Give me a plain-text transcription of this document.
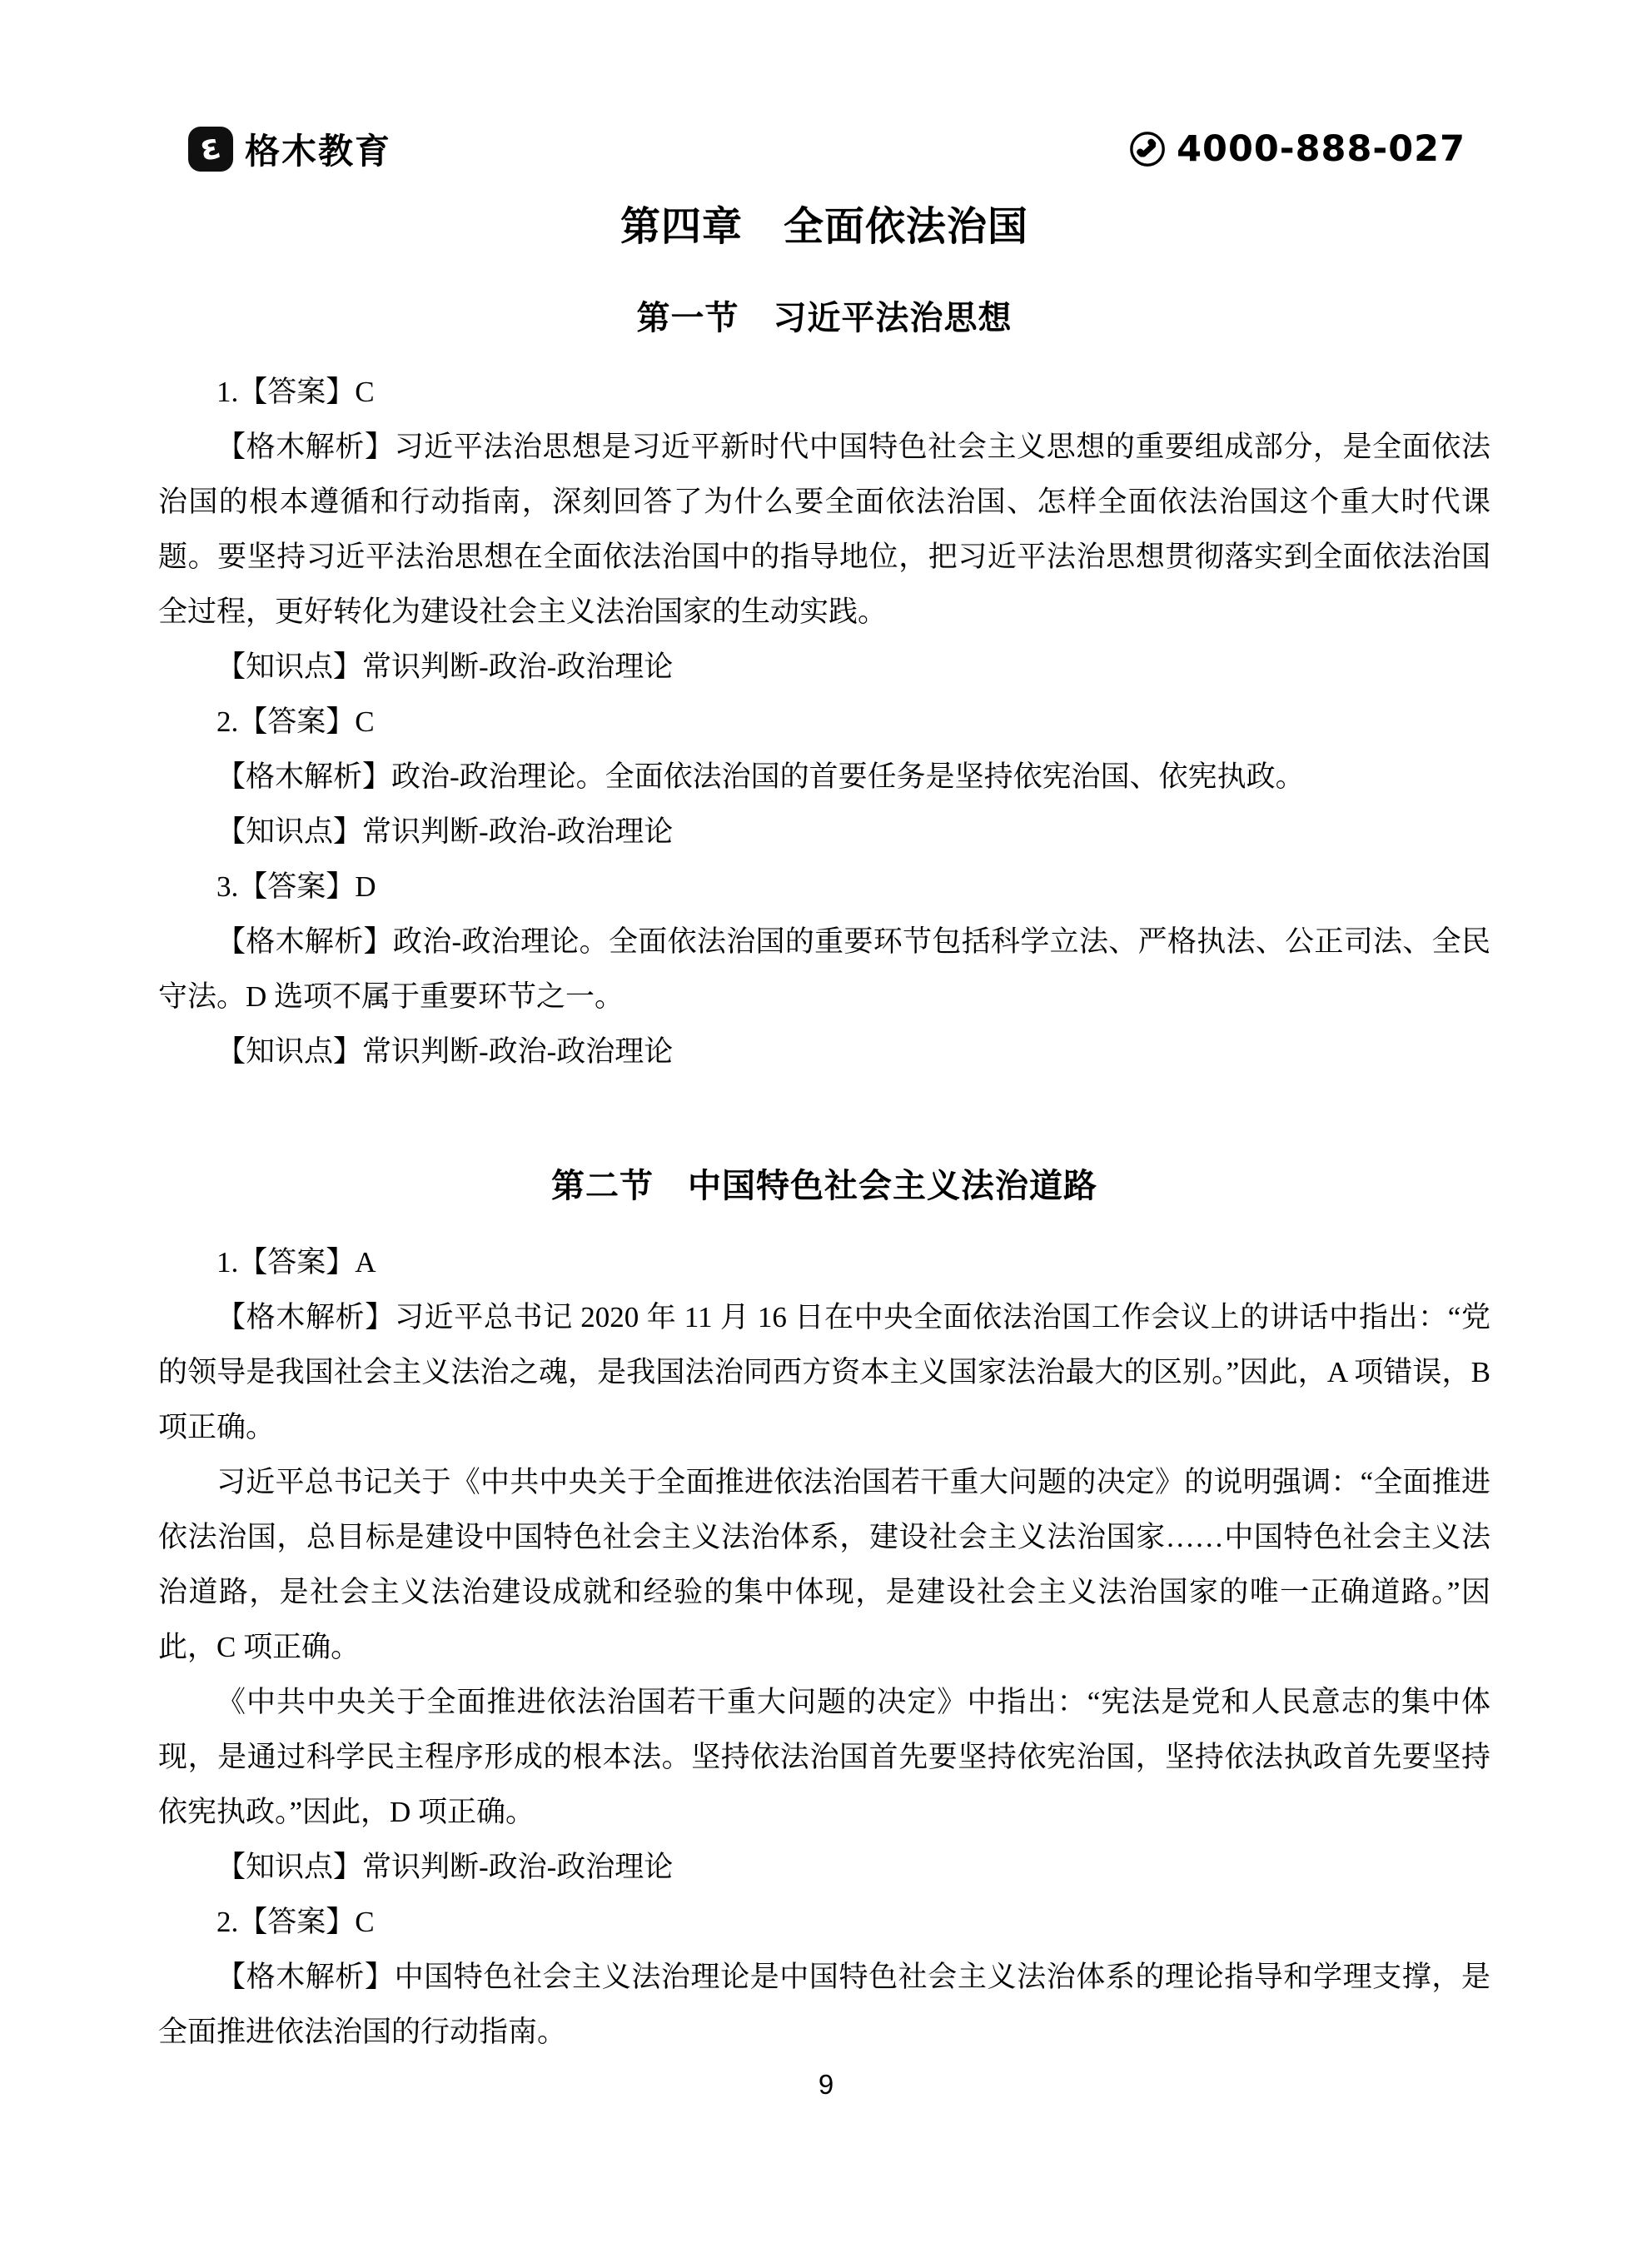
ɛ 格木教育	4000-888-027
第四章　全面依法治国
第一节　习近平法治思想

1.【答案】C

【格木解析】习近平法治思想是习近平新时代中国特色社会主义思想的重要组成部分，是全面依法治国的根本遵循和行动指南，深刻回答了为什么要全面依法治国、怎样全面依法治国这个重大时代课题。要坚持习近平法治思想在全面依法治国中的指导地位，把习近平法治思想贯彻落实到全面依法治国全过程，更好转化为建设社会主义法治国家的生动实践。

【知识点】常识判断-政治-政治理论

2.【答案】C

【格木解析】政治-政治理论。全面依法治国的首要任务是坚持依宪治国、依宪执政。

【知识点】常识判断-政治-政治理论

3.【答案】D

【格木解析】政治-政治理论。全面依法治国的重要环节包括科学立法、严格执法、公正司法、全民守法。D 选项不属于重要环节之一。

【知识点】常识判断-政治-政治理论

第二节　中国特色社会主义法治道路

1.【答案】A

【格木解析】习近平总书记 2020 年 11 月 16 日在中央全面依法治国工作会议上的讲话中指出：“党的领导是我国社会主义法治之魂，是我国法治同西方资本主义国家法治最大的区别。”因此，A 项错误，B 项正确。

习近平总书记关于《中共中央关于全面推进依法治国若干重大问题的决定》的说明强调：“全面推进依法治国，总目标是建设中国特色社会主义法治体系，建设社会主义法治国家……中国特色社会主义法治道路，是社会主义法治建设成就和经验的集中体现，是建设社会主义法治国家的唯一正确道路。”因此，C 项正确。

《中共中央关于全面推进依法治国若干重大问题的决定》中指出：“宪法是党和人民意志的集中体现，是通过科学民主程序形成的根本法。坚持依法治国首先要坚持依宪治国，坚持依法执政首先要坚持依宪执政。”因此，D 项正确。

【知识点】常识判断-政治-政治理论

2.【答案】C

【格木解析】中国特色社会主义法治理论是中国特色社会主义法治体系的理论指导和学理支撑，是全面推进依法治国的行动指南。

9
